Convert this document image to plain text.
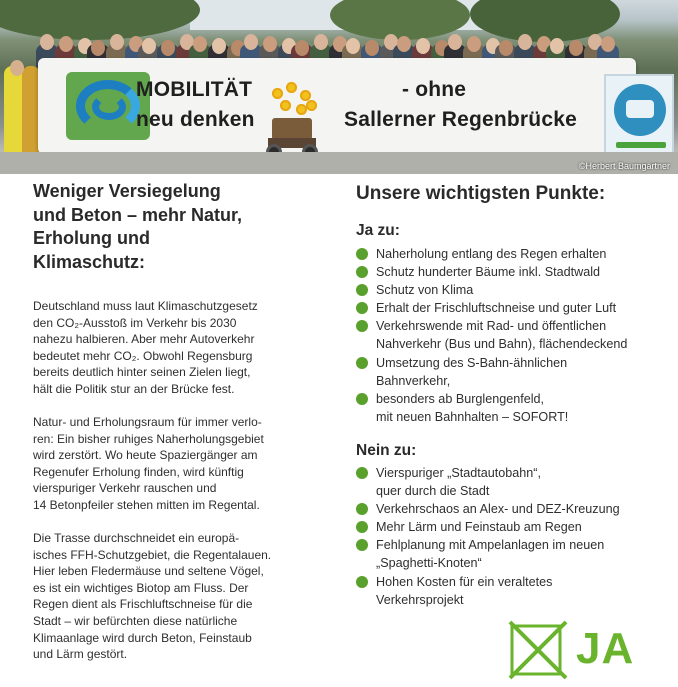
MOBILITÄT
neu denken
- ohne
Sallerner Regenbrücke
©Herbert Baumgärtner
Weniger Versiegelung
und Beton – mehr Natur,
Erholung und
Klimaschutz:
Deutschland muss laut Klimaschutzgesetz
den CO₂-Ausstoß im Verkehr bis 2030
nahezu halbieren. Aber mehr Autoverkehr
bedeutet mehr CO₂. Obwohl Regensburg
bereits deutlich hinter seinen Zielen liegt,
hält die Politik stur an der Brücke fest.
Natur- und Erholungsraum für immer verlo-
ren: Ein bisher ruhiges Naherholungsgebiet
wird zerstört. Wo heute Spaziergänger am
Regenufer Erholung finden, wird künftig
vierspuriger Verkehr rauschen und
14 Betonpfeiler stehen mitten im Regental.
Die Trasse durchschneidet ein europä-
isches FFH-Schutzgebiet, die Regentalauen.
Hier leben Fledermäuse und seltene Vögel,
es ist ein wichtiges Biotop am Fluss. Der
Regen dient als Frischluftschneise für die
Stadt – wir befürchten diese natürliche
Klimaanlage wird durch Beton, Feinstaub
und Lärm gestört.
Unsere wichtigsten Punkte:
Ja zu:
Naherholung entlang des Regen erhalten
Schutz hunderter Bäume inkl. Stadtwald
Schutz von Klima
Erhalt der Frischluftschneise und guter Luft
Verkehrswende mit Rad- und öffentlichen
Nahverkehr (Bus und Bahn), flächendeckend
Umsetzung des S-Bahn-ähnlichen
Bahnverkehr,
besonders ab Burglengenfeld,
mit neuen Bahnhalten – SOFORT!
Nein zu:
Vierspuriger „Stadtautobahn“,
quer durch die Stadt
Verkehrschaos an Alex- und DEZ-Kreuzung
Mehr Lärm und Feinstaub am Regen
Fehlplanung mit Ampelanlagen im neuen
„Spaghetti-Knoten“
Hohen Kosten für ein veraltetes
Verkehrsprojekt
JA
